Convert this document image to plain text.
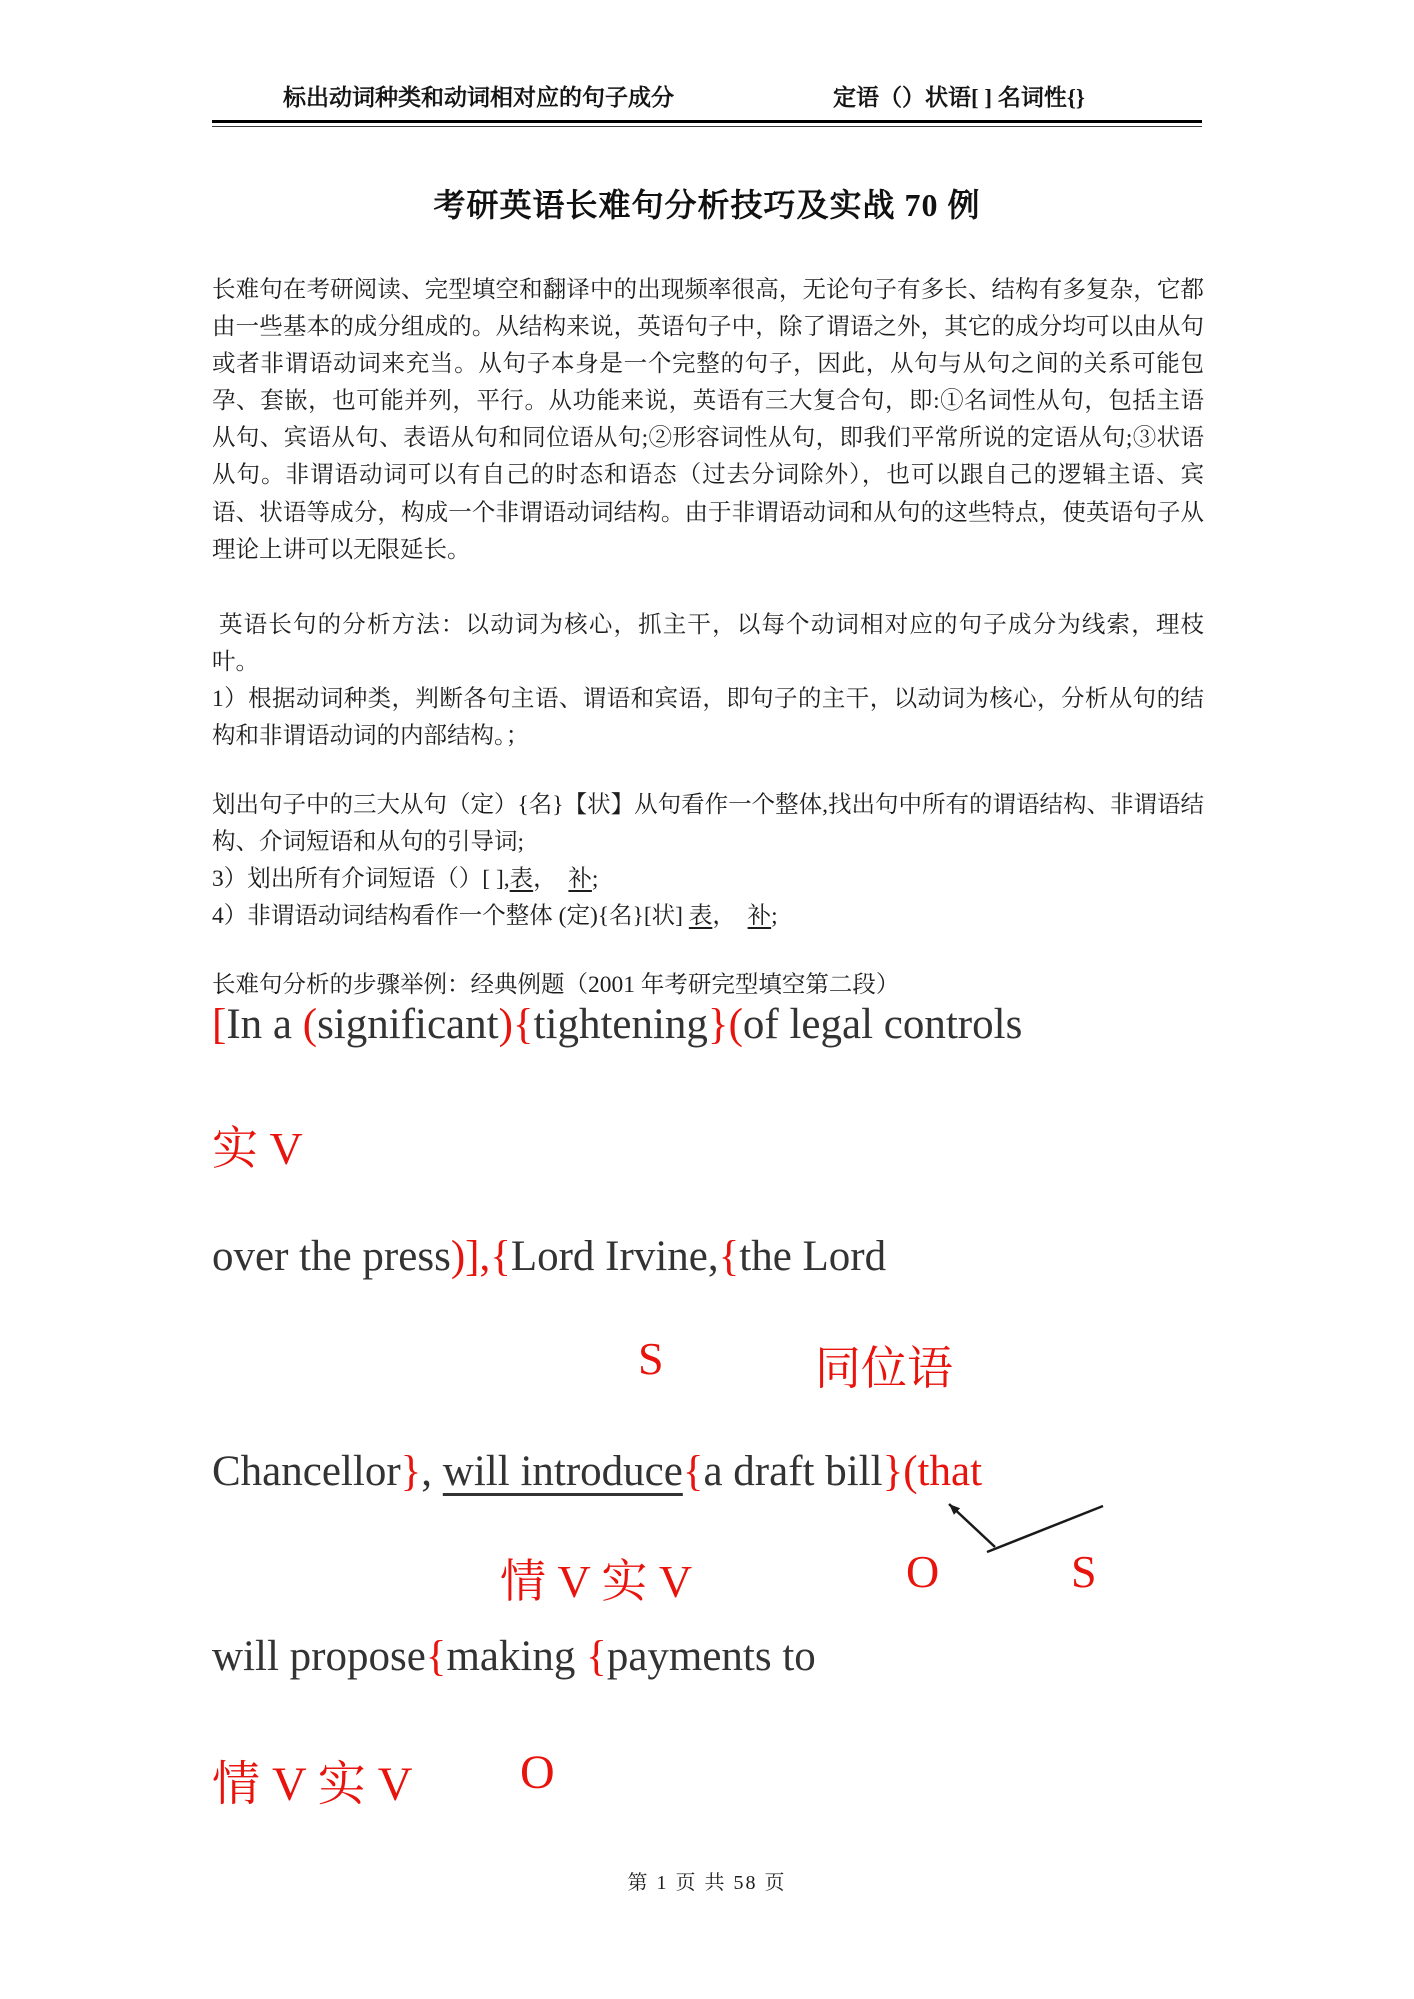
标出动词种类和动词相对应的句子成分	定语（）状语[ ] 名词性{}
考研英语长难句分析技巧及实战 70 例
长难句在考研阅读、完型填空和翻译中的出现频率很高，无论句子有多长、结构有多复杂，它都由一些基本的成分组成的。从结构来说，英语句子中，除了谓语之外，其它的成分均可以由从句或者非谓语动词来充当。从句子本身是一个完整的句子，因此，从句与从句之间的关系可能包孕、套嵌，也可能并列，平行。从功能来说，英语有三大复合句，即:①名词性从句，包括主语从句、宾语从句、表语从句和同位语从句;②形容词性从句，即我们平常所说的定语从句;③状语从句。非谓语动词可以有自己的时态和语态（过去分词除外），也可以跟自己的逻辑主语、宾语、状语等成分，构成一个非谓语动词结构。由于非谓语动词和从句的这些特点，使英语句子从理论上讲可以无限延长。
英语长句的分析方法：以动词为核心，抓主干，以每个动词相对应的句子成分为线索，理枝叶。
1）根据动词种类，判断各句主语、谓语和宾语，即句子的主干，以动词为核心，分析从句的结构和非谓语动词的内部结构。；
划出句子中的三大从句（定）{名}【状】从句看作一个整体,找出句中所有的谓语结构、非谓语结构、介词短语和从句的引导词;
3）划出所有介词短语（）[ ],表，　补;
4）非谓语动词结构看作一个整体 (定){名}[状] 表，　补;
长难句分析的步骤举例：经典例题（2001 年考研完型填空第二段）
[In a (significant){tightening}(of legal controls
实 V
over the press)],{Lord Irvine,{the Lord
S	同位语
Chancellor}, will introduce{a draft bill}(that
情 V 实 V	O	S
will propose{making {payments to
情 V 实 V O
第 1 页 共 58 页
